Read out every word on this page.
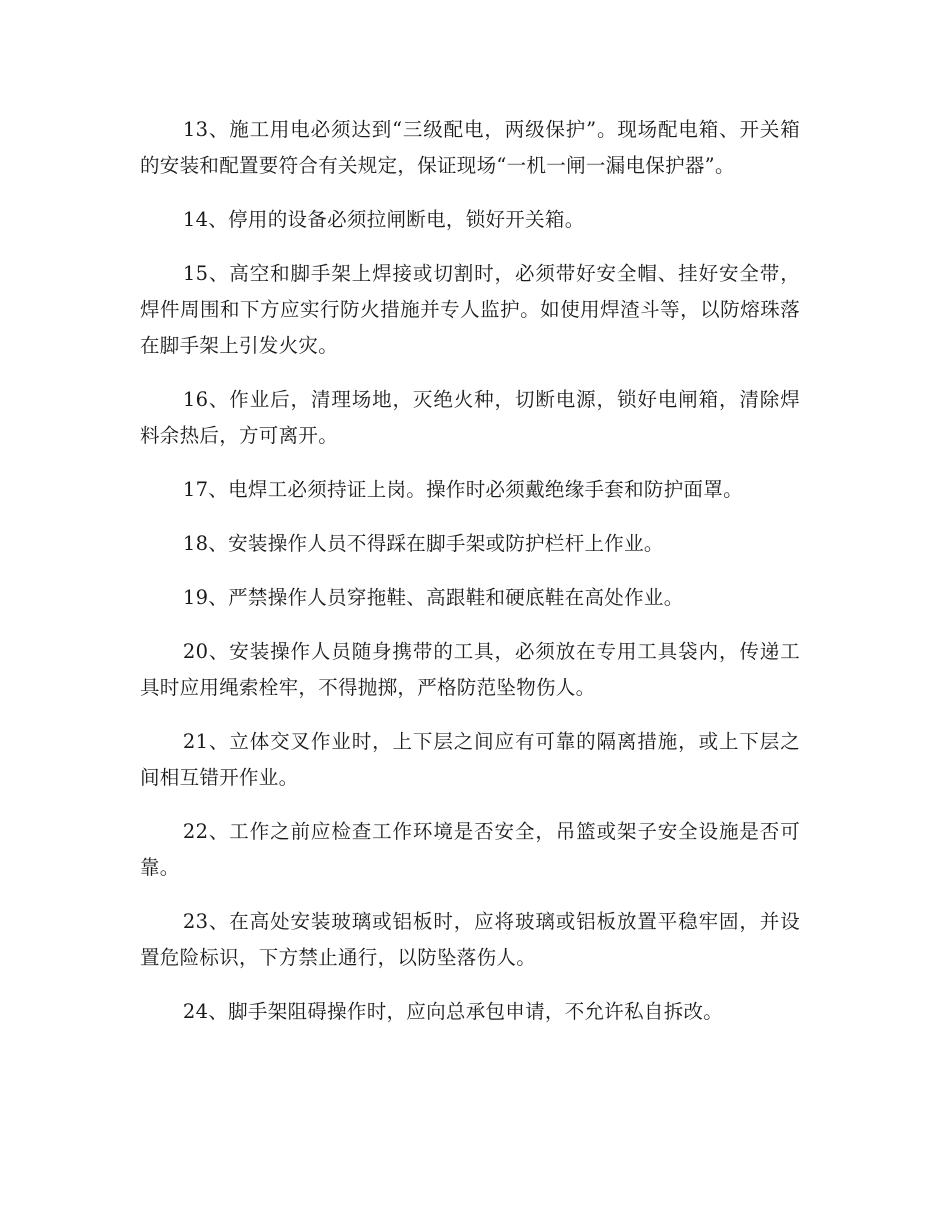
13、施工用电必须达到“三级配电，两级保护”。现场配电箱、开关箱的安装和配置要符合有关规定，保证现场“一机一闸一漏电保护器”。

14、停用的设备必须拉闸断电，锁好开关箱。

15、高空和脚手架上焊接或切割时，必须带好安全帽、挂好安全带，焊件周围和下方应实行防火措施并专人监护。如使用焊渣斗等，以防熔珠落在脚手架上引发火灾。

16、作业后，清理场地，灭绝火种，切断电源，锁好电闸箱，清除焊料余热后，方可离开。

17、电焊工必须持证上岗。操作时必须戴绝缘手套和防护面罩。

18、安装操作人员不得踩在脚手架或防护栏杆上作业。

19、严禁操作人员穿拖鞋、高跟鞋和硬底鞋在高处作业。

20、安装操作人员随身携带的工具，必须放在专用工具袋内，传递工具时应用绳索栓牢，不得抛掷，严格防范坠物伤人。

21、立体交叉作业时，上下层之间应有可靠的隔离措施，或上下层之间相互错开作业。

22、工作之前应检查工作环境是否安全，吊篮或架子安全设施是否可靠。

23、在高处安装玻璃或铝板时，应将玻璃或铝板放置平稳牢固，并设置危险标识，下方禁止通行，以防坠落伤人。

24、脚手架阻碍操作时，应向总承包申请，不允许私自拆改。
